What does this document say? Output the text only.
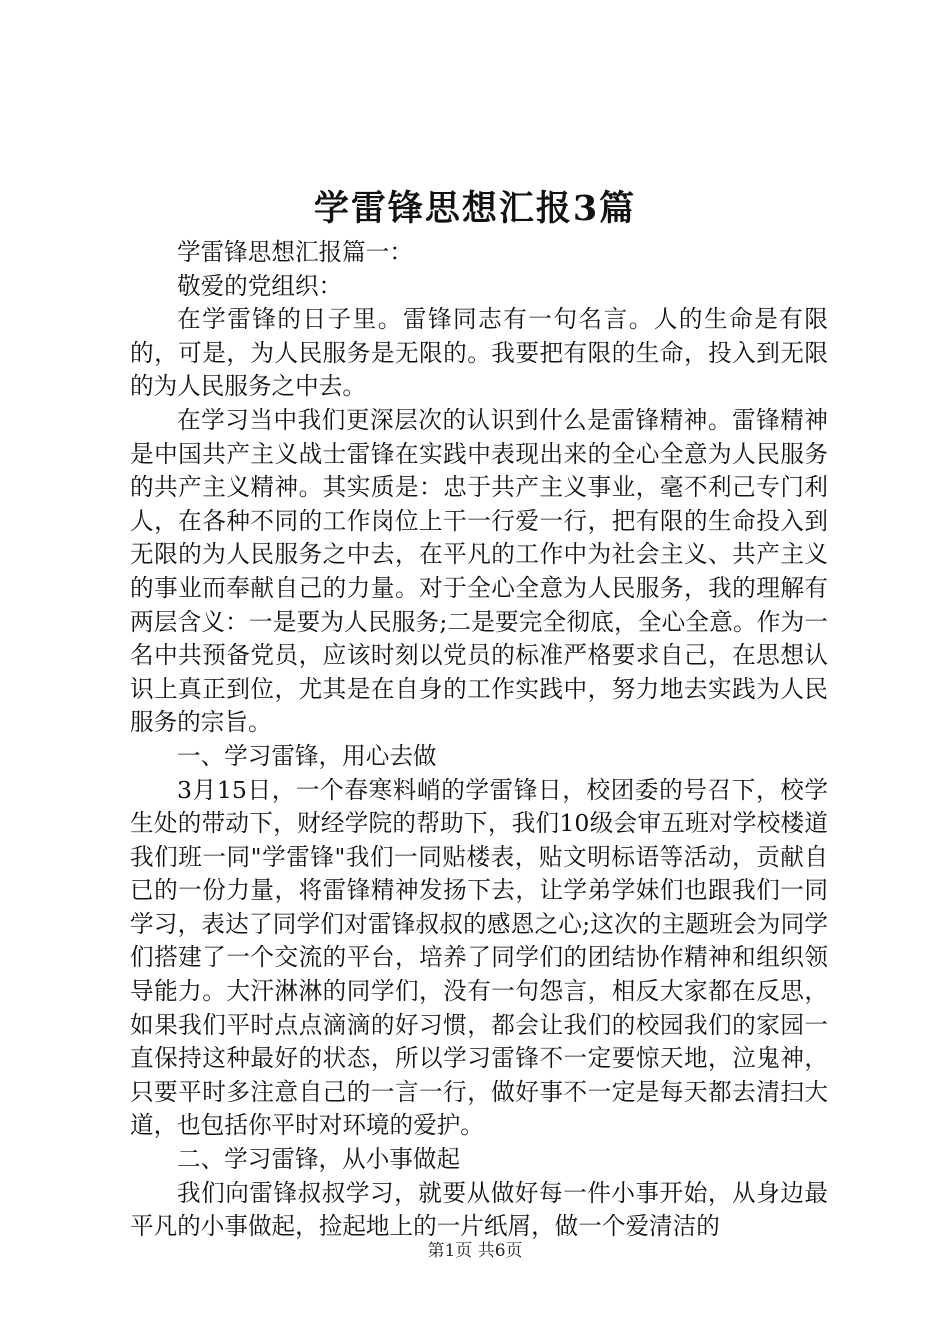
学雷锋思想汇报3篇

学雷锋思想汇报篇一：

敬爱的党组织：

在学雷锋的日子里。雷锋同志有一句名言。人的生命是有限的，可是，为人民服务是无限的。我要把有限的生命，投入到无限的为人民服务之中去。

在学习当中我们更深层次的认识到什么是雷锋精神。雷锋精神是中国共产主义战士雷锋在实践中表现出来的全心全意为人民服务的共产主义精神。其实质是：忠于共产主义事业，毫不利己专门利人，在各种不同的工作岗位上干一行爱一行，把有限的生命投入到无限的为人民服务之中去，在平凡的工作中为社会主义、共产主义的事业而奉献自己的力量。对于全心全意为人民服务，我的理解有两层含义：一是要为人民服务;二是要完全彻底，全心全意。作为一名中共预备党员，应该时刻以党员的标准严格要求自己，在思想认识上真正到位，尤其是在自身的工作实践中，努力地去实践为人民服务的宗旨。

一、学习雷锋，用心去做

3月15日，一个春寒料峭的学雷锋日，校团委的号召下，校学生处的带动下，财经学院的帮助下，我们10级会审五班对学校楼道我们班一同"学雷锋"我们一同贴楼表，贴文明标语等活动，贡献自已的一份力量，将雷锋精神发扬下去，让学弟学妹们也跟我们一同学习，表达了同学们对雷锋叔叔的感恩之心;这次的主题班会为同学们搭建了一个交流的平台，培养了同学们的团结协作精神和组织领导能力。大汗淋淋的同学们，没有一句怨言，相反大家都在反思，如果我们平时点点滴滴的好习惯，都会让我们的校园我们的家园一直保持这种最好的状态，所以学习雷锋不一定要惊天地，泣鬼神，只要平时多注意自己的一言一行，做好事不一定是每天都去清扫大道，也包括你平时对环境的爱护。

二、学习雷锋，从小事做起

我们向雷锋叔叔学习，就要从做好每一件小事开始，从身边最平凡的小事做起，捡起地上的一片纸屑，做一个爱清洁的

第1页 共6页
